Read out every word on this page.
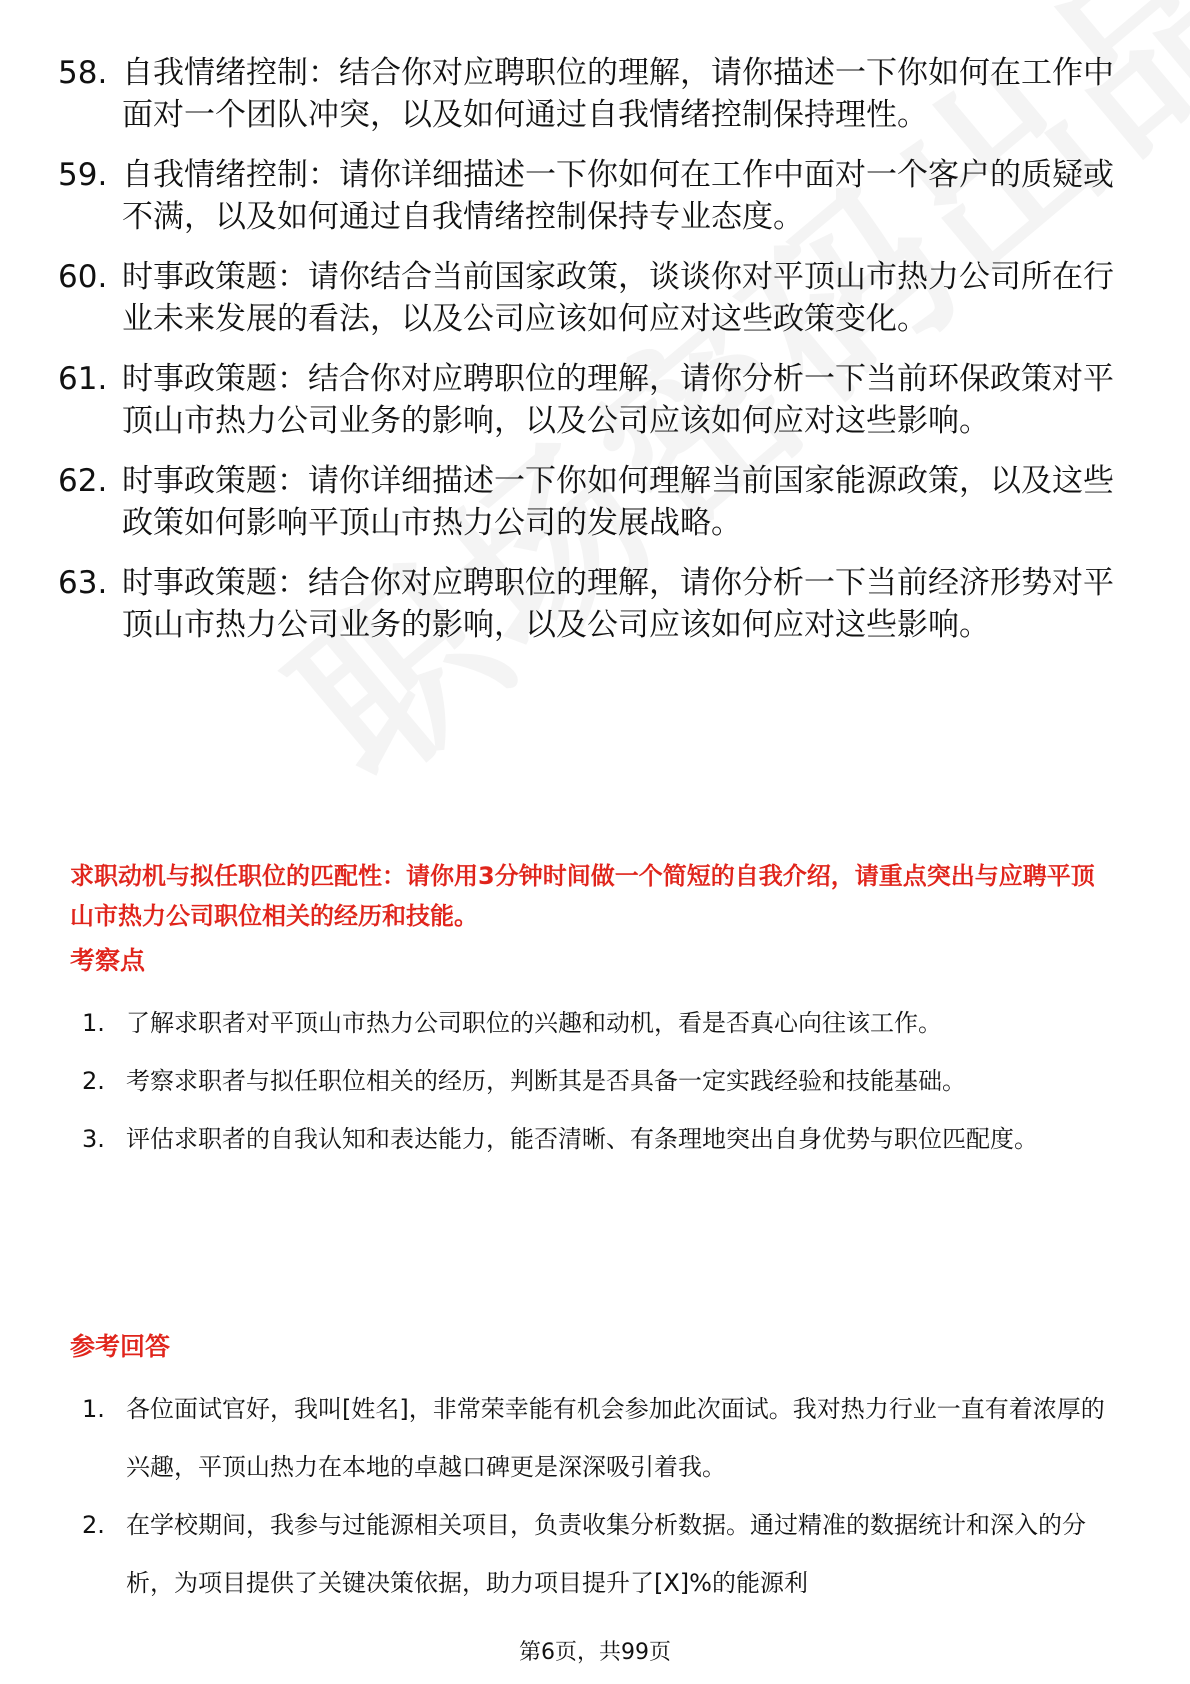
58. 自我情绪控制：结合你对应聘职位的理解，请你描述一下你如何在工作中面对一个团队冲突，以及如何通过自我情绪控制保持理性。
59. 自我情绪控制：请你详细描述一下你如何在工作中面对一个客户的质疑或不满，以及如何通过自我情绪控制保持专业态度。
60. 时事政策题：请你结合当前国家政策，谈谈你对平顶山市热力公司所在行业未来发展的看法，以及公司应该如何应对这些政策变化。
61. 时事政策题：结合你对应聘职位的理解，请你分析一下当前环保政策对平顶山市热力公司业务的影响，以及公司应该如何应对这些影响。
62. 时事政策题：请你详细描述一下你如何理解当前国家能源政策，以及这些政策如何影响平顶山市热力公司的发展战略。
63. 时事政策题：结合你对应聘职位的理解，请你分析一下当前经济形势对平顶山市热力公司业务的影响，以及公司应该如何应对这些影响。
求职动机与拟任职位的匹配性：请你用3分钟时间做一个简短的自我介绍，请重点突出与应聘平顶山市热力公司职位相关的经历和技能。
考察点
1. 了解求职者对平顶山市热力公司职位的兴趣和动机，看是否真心向往该工作。
2. 考察求职者与拟任职位相关的经历，判断其是否具备一定实践经验和技能基础。
3. 评估求职者的自我认知和表达能力，能否清晰、有条理地突出自身优势与职位匹配度。
参考回答
1. 各位面试官好，我叫[姓名]，非常荣幸能有机会参加此次面试。我对热力行业一直有着浓厚的兴趣，平顶山热力在本地的卓越口碑更是深深吸引着我。
2. 在学校期间，我参与过能源相关项目，负责收集分析数据。通过精准的数据统计和深入的分析，为项目提供了关键决策依据，助力项目提升了[X]%的能源利
第6页，共99页
